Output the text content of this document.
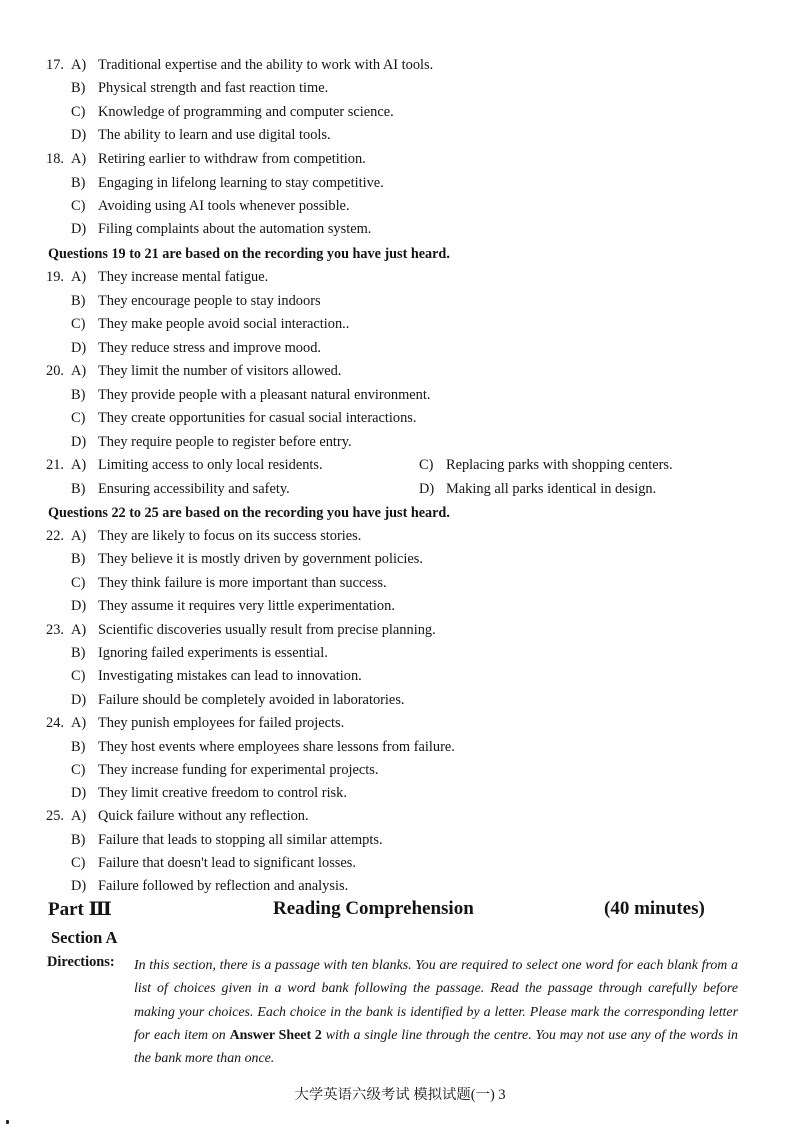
17. A) Traditional expertise and the ability to work with AI tools.
B) Physical strength and fast reaction time.
C) Knowledge of programming and computer science.
D) The ability to learn and use digital tools.
18. A) Retiring earlier to withdraw from competition.
B) Engaging in lifelong learning to stay competitive.
C) Avoiding using AI tools whenever possible.
D) Filing complaints about the automation system.
Questions 19 to 21 are based on the recording you have just heard.
19. A) They increase mental fatigue.
B) They encourage people to stay indoors
C) They make people avoid social interaction..
D) They reduce stress and improve mood.
20. A) They limit the number of visitors allowed.
B) They provide people with a pleasant natural environment.
C) They create opportunities for casual social interactions.
D) They require people to register before entry.
21. A) Limiting access to only local residents.	C) Replacing parks with shopping centers.
B) Ensuring accessibility and safety.	D) Making all parks identical in design.
Questions 22 to 25 are based on the recording you have just heard.
22. A) They are likely to focus on its success stories.
B) They believe it is mostly driven by government policies.
C) They think failure is more important than success.
D) They assume it requires very little experimentation.
23. A) Scientific discoveries usually result from precise planning.
B) Ignoring failed experiments is essential.
C) Investigating mistakes can lead to innovation.
D) Failure should be completely avoided in laboratories.
24. A) They punish employees for failed projects.
B) They host events where employees share lessons from failure.
C) They increase funding for experimental projects.
D) They limit creative freedom to control risk.
25. A) Quick failure without any reflection.
B) Failure that leads to stopping all similar attempts.
C) Failure that doesn't lead to significant losses.
D) Failure followed by reflection and analysis.
Part Ⅲ	Reading Comprehension	(40 minutes)
Section A
Directions: In this section, there is a passage with ten blanks. You are required to select one word for each blank from a list of choices given in a word bank following the passage. Read the passage through carefully before making your choices. Each choice in the bank is identified by a letter. Please mark the corresponding letter for each item on Answer Sheet 2 with a single line through the centre. You may not use any of the words in the bank more than once.
大学英语六级考试 模拟试题(一) 3
